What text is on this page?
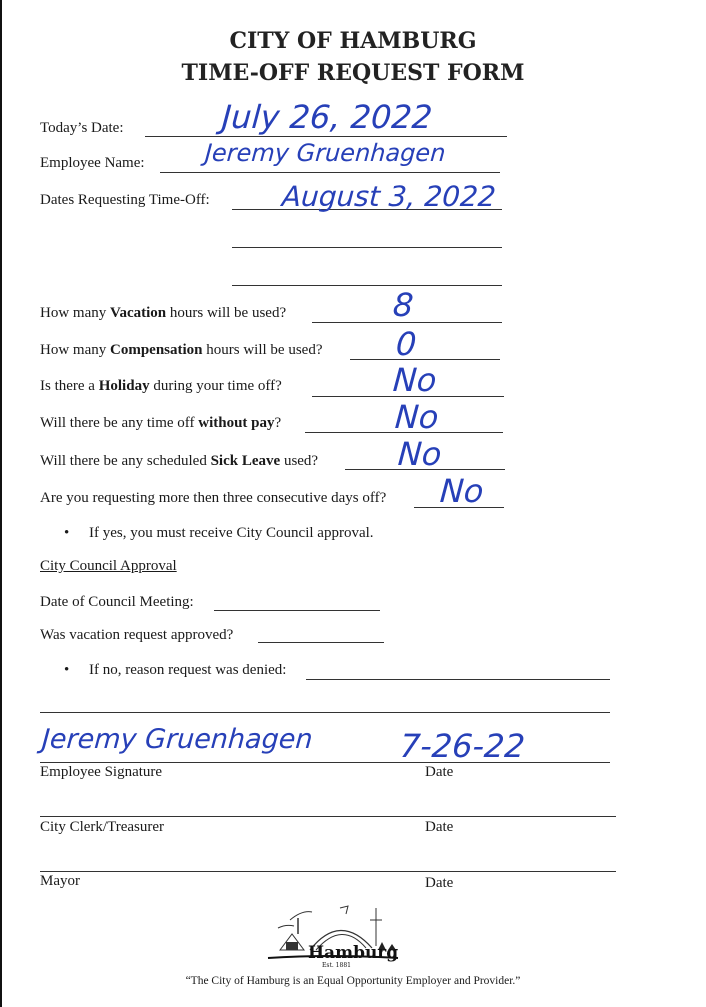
CITY OF HAMBURG
TIME-OFF REQUEST FORM
Today’s Date:	July 26, 2022
Employee Name: Jeremy Gruenhagen
Dates Requesting Time-Off:	August 3, 2022
How many Vacation hours will be used?	8
How many Compensation hours will be used? 0
Is there a Holiday during your time off?	No
Will there be any time off without pay?	No
Will there be any scheduled Sick Leave used? No
Are you requesting more then three consecutive days off? No
• If yes, you must receive City Council approval.
City Council Approval
Date of Council Meeting:
Was vacation request approved?
• If no, reason request was denied:
Jeremy Gruenhagen	7-26-22
Employee Signature	Date
City Clerk/Treasurer	Date
Mayor	Date
Hamburg
Est. 1881
“The City of Hamburg is an Equal Opportunity Employer and Provider.”
